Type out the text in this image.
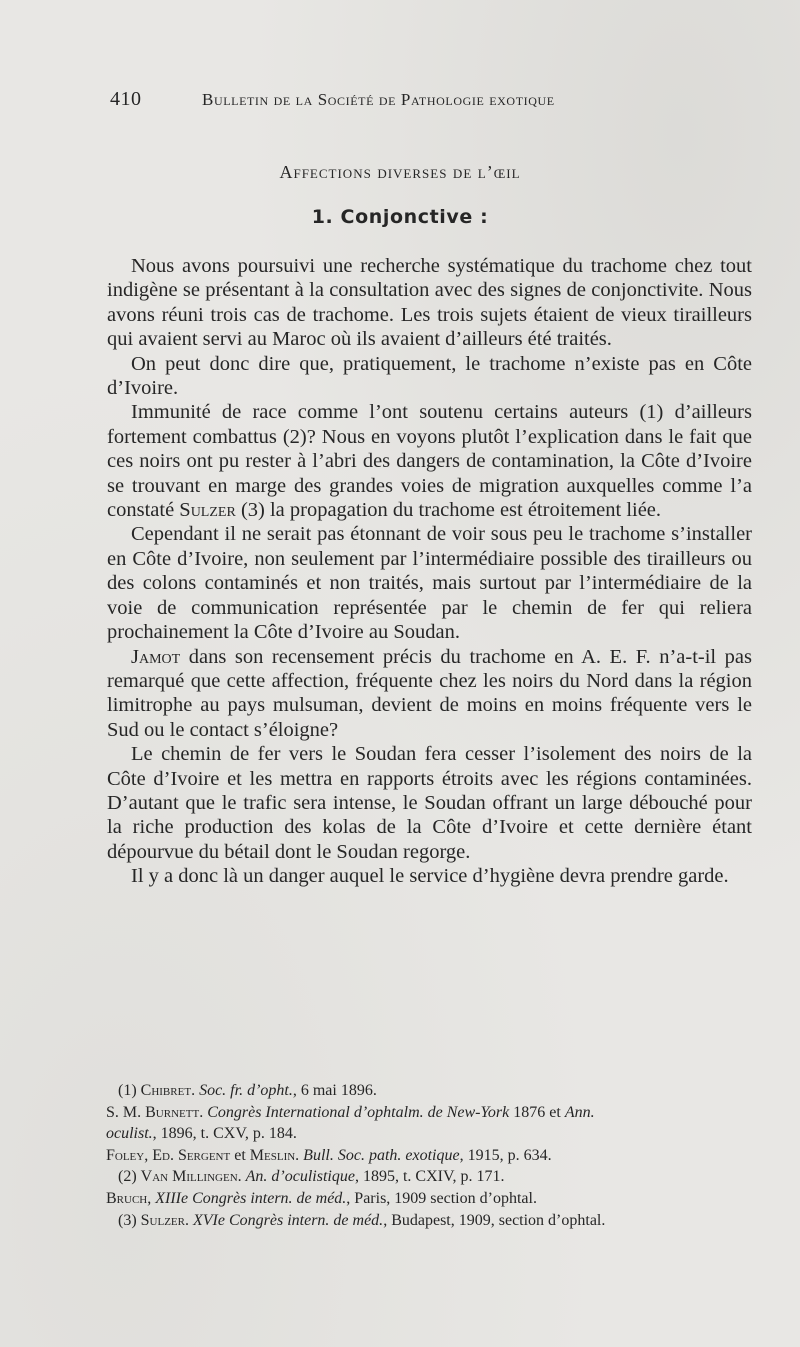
410	Bulletin de la Société de Pathologie exotique
Affections diverses de l’œil
1. Conjonctive :

Nous avons poursuivi une recherche systématique du trachome chez tout indigène se présentant à la consultation avec des signes de conjonctivite. Nous avons réuni trois cas de trachome. Les trois sujets étaient de vieux tirailleurs qui avaient servi au Maroc où ils avaient d’ailleurs été traités.

On peut donc dire que, pratiquement, le trachome n’existe pas en Côte d’Ivoire.

Immunité de race comme l’ont soutenu certains auteurs (1) d’ailleurs fortement combattus (2)? Nous en voyons plutôt l’explication dans le fait que ces noirs ont pu rester à l’abri des dangers de contamination, la Côte d’Ivoire se trouvant en marge des grandes voies de migration auxquelles comme l’a constaté Sulzer (3) la propagation du trachome est étroitement liée.

Cependant il ne serait pas étonnant de voir sous peu le trachome s’installer en Côte d’Ivoire, non seulement par l’intermédiaire possible des tirailleurs ou des colons contaminés et non traités, mais surtout par l’intermédiaire de la voie de communication représentée par le chemin de fer qui reliera prochainement la Côte d’Ivoire au Soudan.

Jamot dans son recensement précis du trachome en A. E. F. n’a-t-il pas remarqué que cette affection, fréquente chez les noirs du Nord dans la région limitrophe au pays mulsuman, devient de moins en moins fréquente vers le Sud ou le contact s’éloigne?

Le chemin de fer vers le Soudan fera cesser l’isolement des noirs de la Côte d’Ivoire et les mettra en rapports étroits avec les régions contaminées. D’autant que le trafic sera intense, le Soudan offrant un large débouché pour la riche production des kolas de la Côte d’Ivoire et cette dernière étant dépourvue du bétail dont le Soudan regorge.

Il y a donc là un danger auquel le service d’hygiène devra prendre garde.

(1) Chibret. Soc. fr. d’opht., 6 mai 1896.
S. M. Burnett. Congrès International d’ophtalm. de New-York 1876 et Ann.
oculist., 1896, t. CXV, p. 184.
Foley, Ed. Sergent et Meslin. Bull. Soc. path. exotique, 1915, p. 634.
(2) Van Millingen. An. d’oculistique, 1895, t. CXIV, p. 171.
Bruch, XIIIe Congrès intern. de méd., Paris, 1909 section d’ophtal.
(3) Sulzer. XVIe Congrès intern. de méd., Budapest, 1909, section d’ophtal.
